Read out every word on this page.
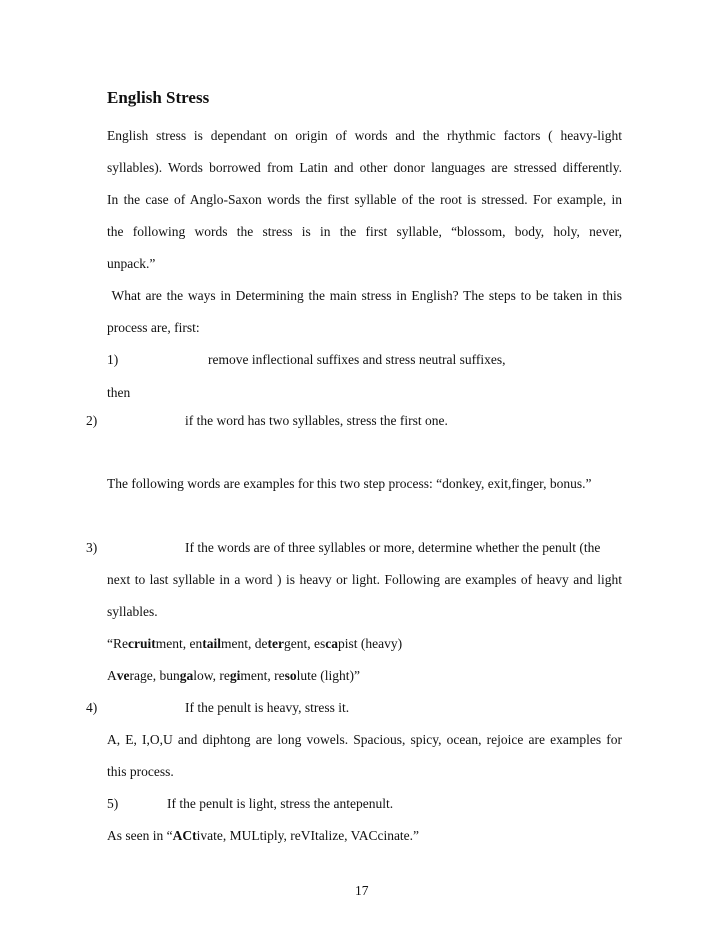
English Stress
English stress is dependant on origin of words and the rhythmic factors ( heavy-light
syllables). Words borrowed from Latin and other donor languages are stressed differently.
In the case of Anglo-Saxon words the first syllable of the root is stressed. For example, in
the following words the stress is in the first syllable, “blossom, body, holy, never,
unpack.”
What are the ways in Determining the main stress in English? The steps to be taken in this
process are, first:
1)	remove inflectional suffixes and stress neutral suffixes,
then
2)	if the word has two syllables, stress the first one.
The following words are examples for this two step process: “donkey, exit,finger, bonus.”
3)	If the words are of three syllables or more, determine whether the penult (the
next to last syllable in a word ) is heavy or light. Following are examples of heavy and light
syllables.
“Recruitment, entailment, detergent, escapist (heavy)
Average, bungalow, regiment, resolute (light)”
4)	If the penult is heavy, stress it.
A, E, I,O,U and diphtong are long vowels. Spacious, spicy, ocean, rejoice are examples for
this process.
5)	If the penult is light, stress the antepenult.
As seen in “ACtivate, MULtiply, reVItalize, VACcinate.”
17
